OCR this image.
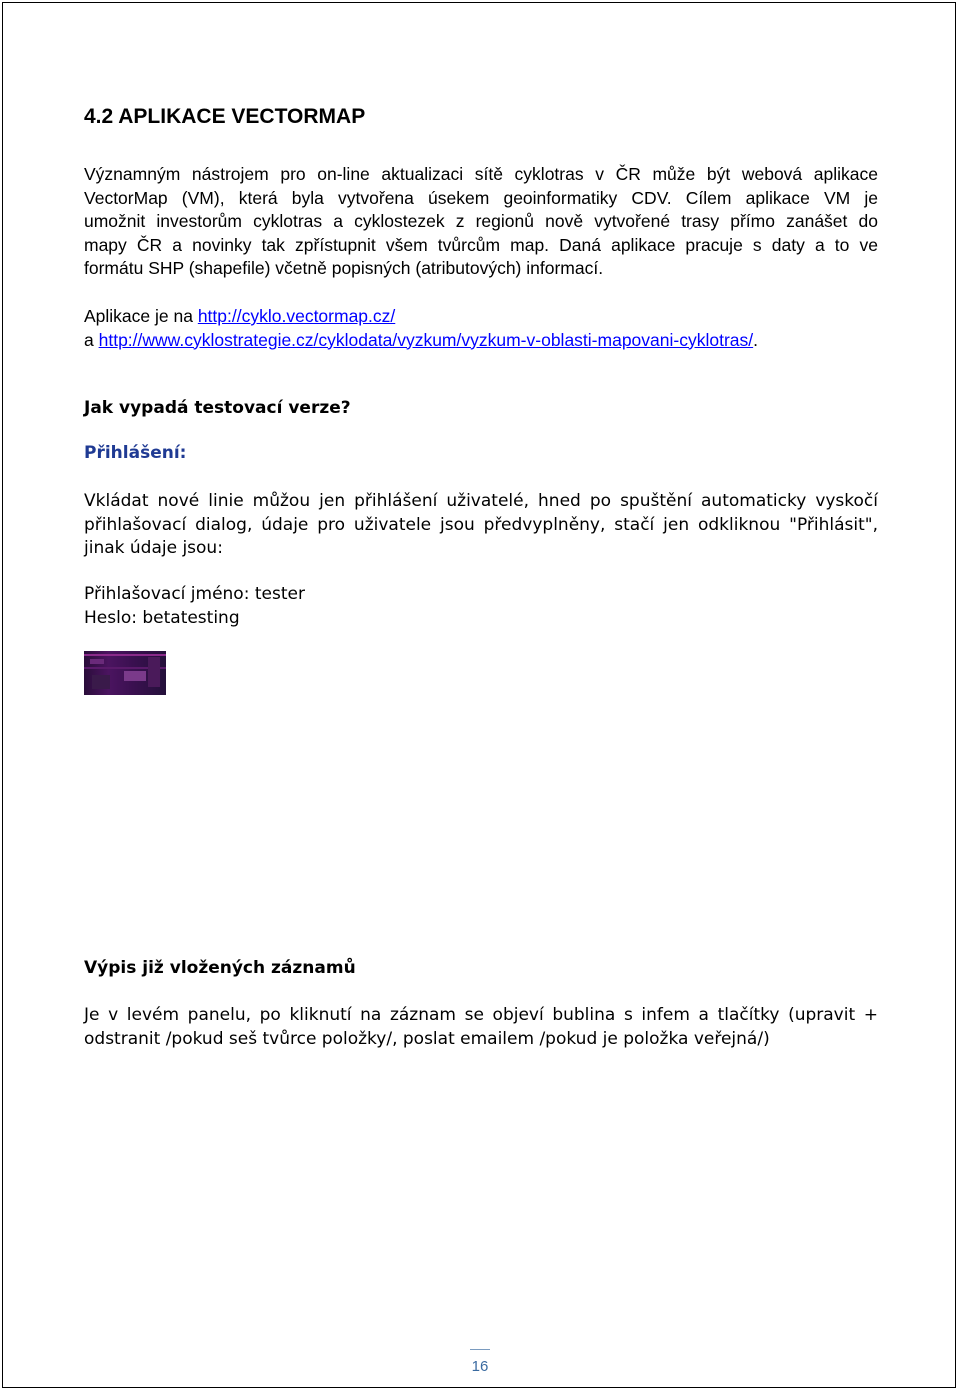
4.2 APLIKACE VECTORMAP
Významným nástrojem pro on-line aktualizaci sítě cyklotras v ČR může být webová aplikace
VectorMap (VM), která byla vytvořena úsekem geoinformatiky CDV. Cílem aplikace VM je
umožnit investorům cyklotras a cyklostezek z regionů nově vytvořené trasy přímo zanášet do
mapy ČR a novinky tak zpřístupnit všem tvůrcům map. Daná aplikace pracuje s daty a to ve
formátu SHP (shapefile) včetně popisných (atributových) informací.
Aplikace je na http://cyklo.vectormap.cz/
a http://www.cyklostrategie.cz/cyklodata/vyzkum/vyzkum-v-oblasti-mapovani-cyklotras/.
Jak vypadá testovací verze?
Přihlášení:
Vkládat nové linie můžou jen přihlášení uživatelé, hned po spuštění automaticky vyskočí
přihlašovací dialog, údaje pro uživatele jsou předvyplněny, stačí jen odkliknou "Přihlásit",
jinak údaje jsou:
Přihlašovací jméno: tester
Heslo: betatesting
Výpis již vložených záznamů
Je v levém panelu, po kliknutí na záznam se objeví bublina s infem a tlačítky (upravit +
odstranit /pokud seš tvůrce položky/, poslat emailem /pokud je položka veřejná/)
16
